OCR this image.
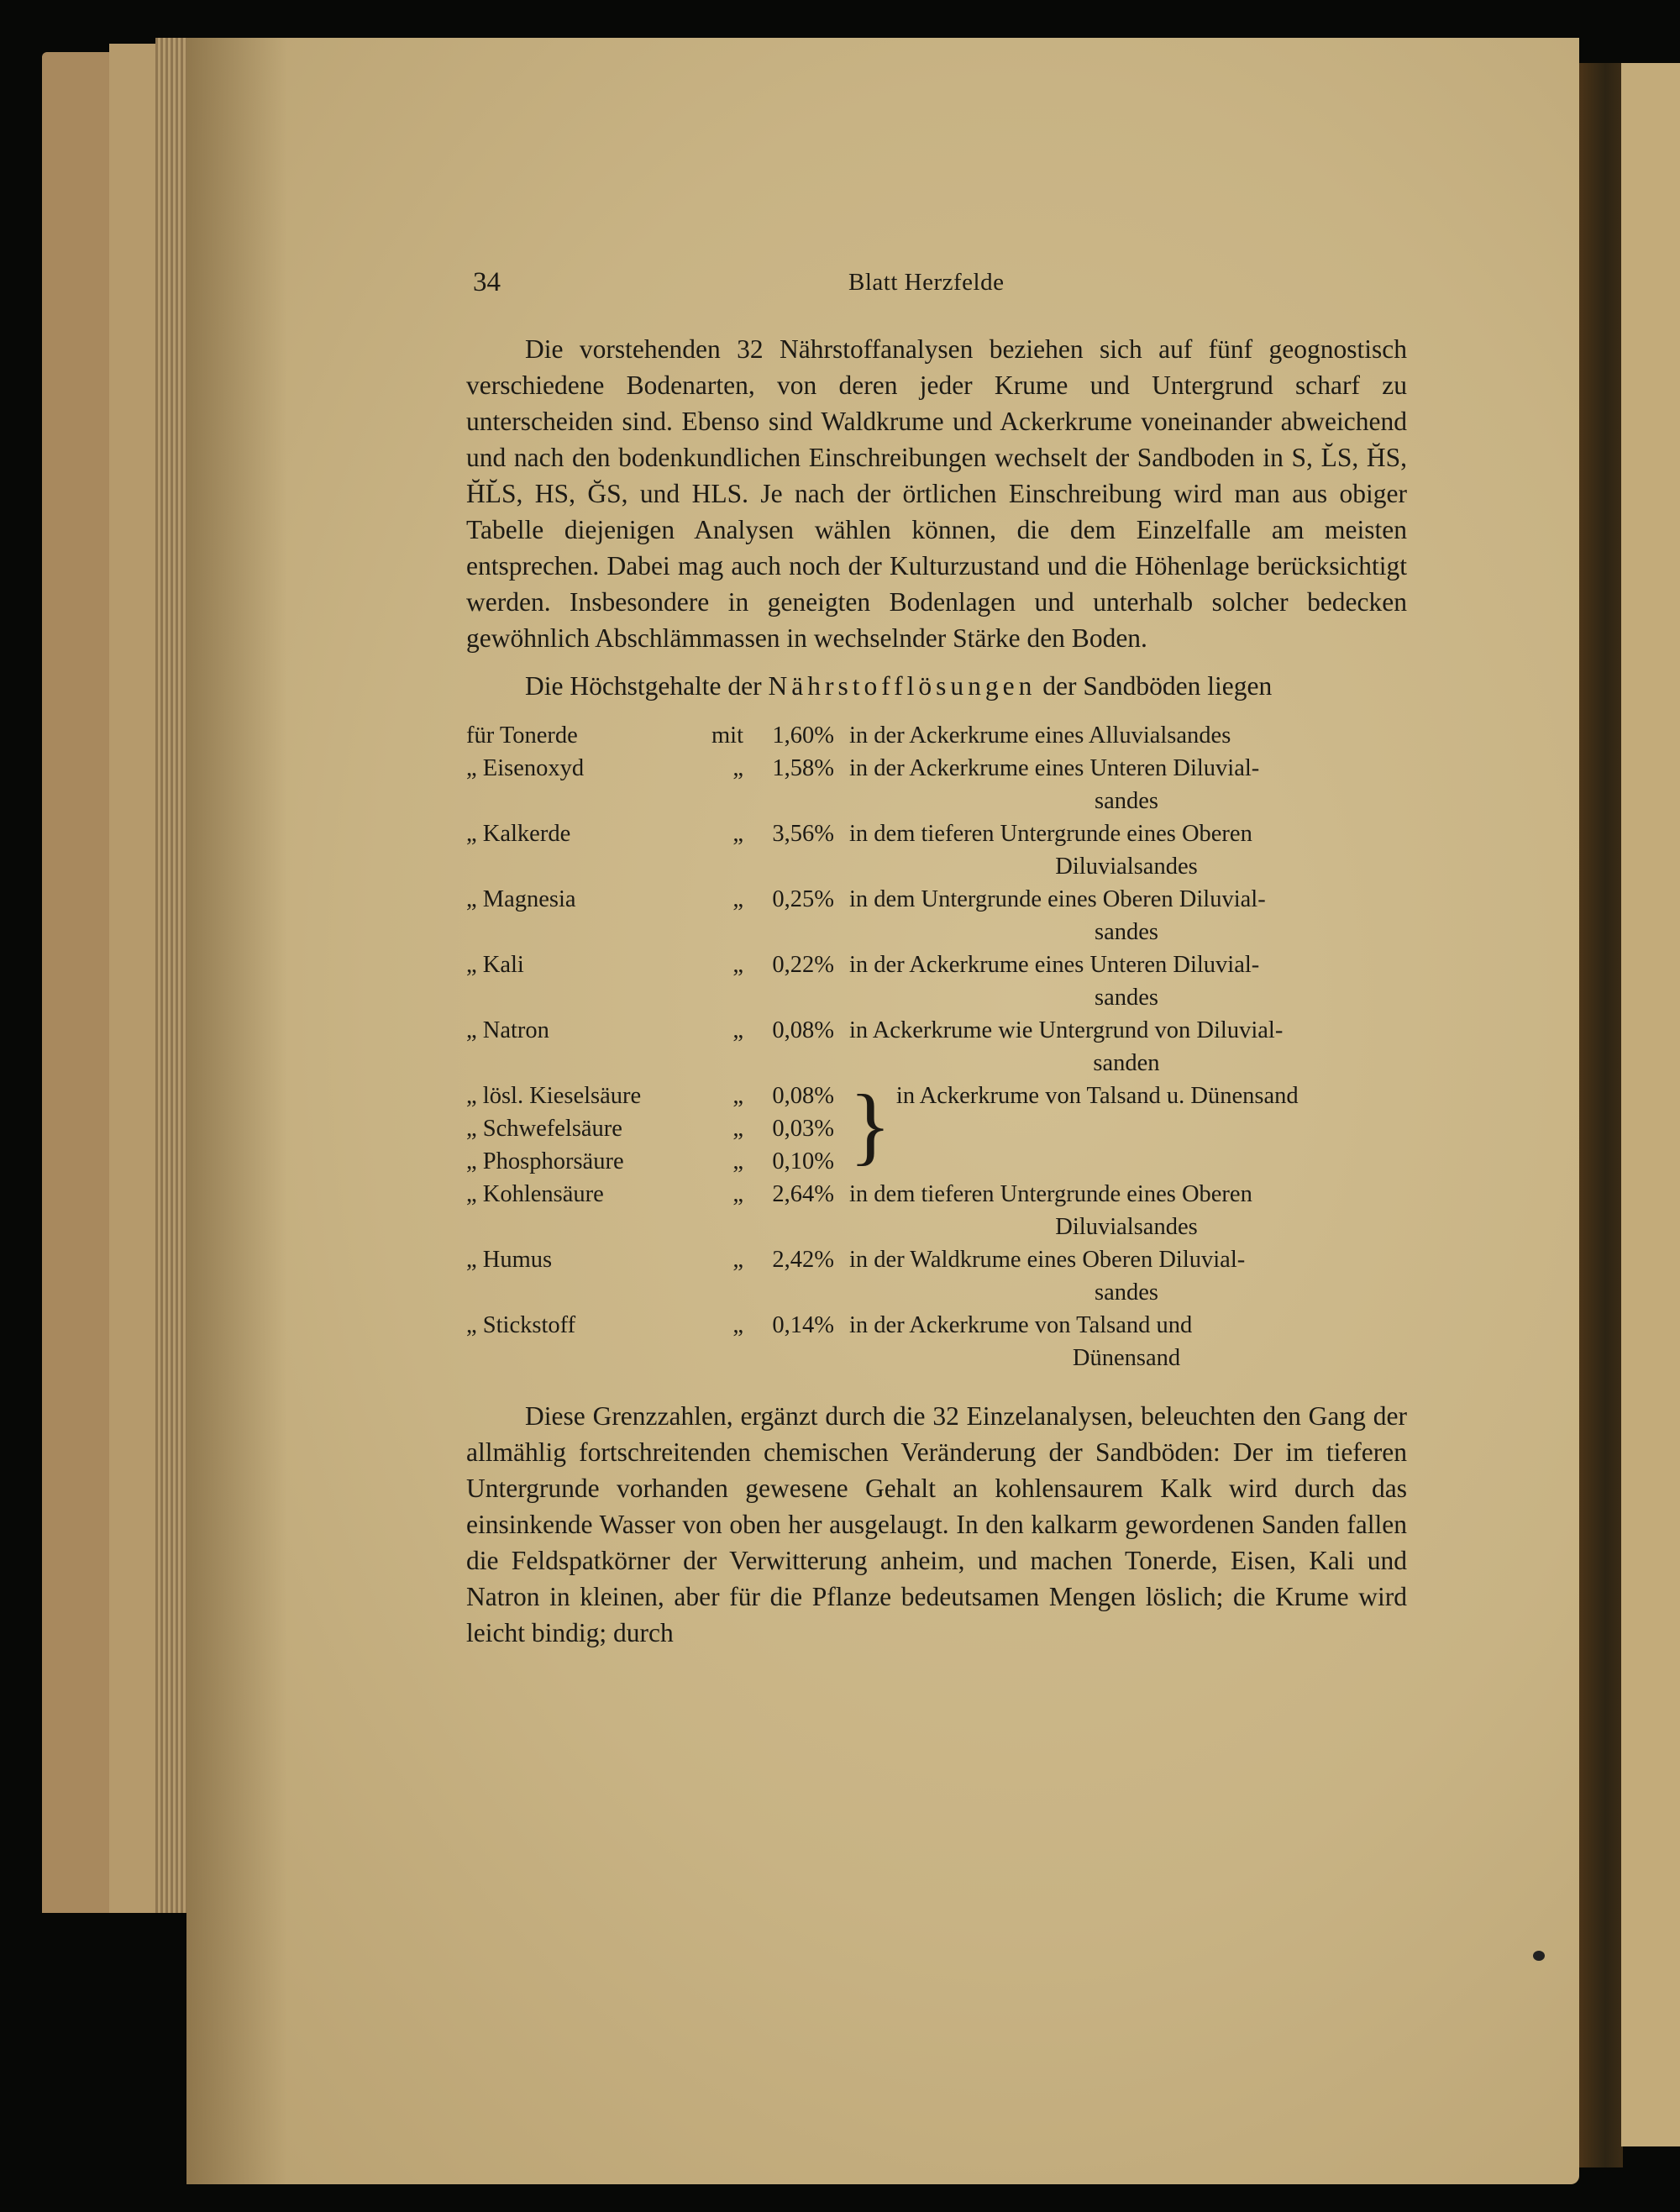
34	Blatt Herzfelde

Die vorstehenden 32 Nährstoffanalysen beziehen sich auf fünf geognostisch verschiedene Bodenarten, von deren jeder Krume und Untergrund scharf zu unterscheiden sind. Ebenso sind Waldkrume und Ackerkrume voneinander abweichend und nach den bodenkundlichen Einschreibungen wechselt der Sandboden in S, L̆S, H̆S, H̆L̆S, HS, ĞS, und HLS. Je nach der örtlichen Einschreibung wird man aus obiger Tabelle diejenigen Analysen wählen können, die dem Einzelfalle am meisten entsprechen. Dabei mag auch noch der Kulturzustand und die Höhenlage berücksichtigt werden. Insbesondere in geneigten Bodenlagen und unterhalb solcher bedecken gewöhnlich Abschlämmassen in wechselnder Stärke den Boden.

Die Höchstgehalte der Nährstofflösungen der Sandböden liegen

für Tonerde	mit	1,60%	in der Ackerkrume eines Alluvialsandes	

„ Eisenoxyd	„	1,58%	in der Ackerkrume eines Unteren Diluvial-
sandes	

„ Kalkerde	„	3,56%	in dem tieferen Untergrunde eines Oberen
Diluvialsandes	

„ Magnesia	„	0,25%	in dem Untergrunde eines Oberen Diluvial-
sandes	

„ Kali	„	0,22%	in der Ackerkrume eines Unteren Diluvial-
sandes	

„ Natron	„	0,08%	in Ackerkrume wie Untergrund von Diluvial-
sanden	

„ lösl. Kieselsäure	„	0,08%	}	in Ackerkrume von Talsand u. Dünensand
„ Schwefelsäure	„	0,03%		
„ Phosphorsäure	„	0,10%		
„ Kohlensäure	„	2,64%	in dem tieferen Untergrunde eines Oberen
Diluvialsandes	

„ Humus	„	2,42%	in der Waldkrume eines Oberen Diluvial-
sandes	

„ Stickstoff	„	0,14%	in der Ackerkrume von Talsand und
Dünensand	

Diese Grenzzahlen, ergänzt durch die 32 Einzelanalysen, beleuchten den Gang der allmählig fortschreitenden chemischen Veränderung der Sandböden: Der im tieferen Untergrunde vorhanden gewesene Gehalt an kohlensaurem Kalk wird durch das einsinkende Wasser von oben her ausgelaugt. In den kalkarm gewordenen Sanden fallen die Feldspatkörner der Verwitterung anheim, und machen Tonerde, Eisen, Kali und Natron in kleinen, aber für die Pflanze bedeutsamen Mengen löslich; die Krume wird leicht bindig; durch
